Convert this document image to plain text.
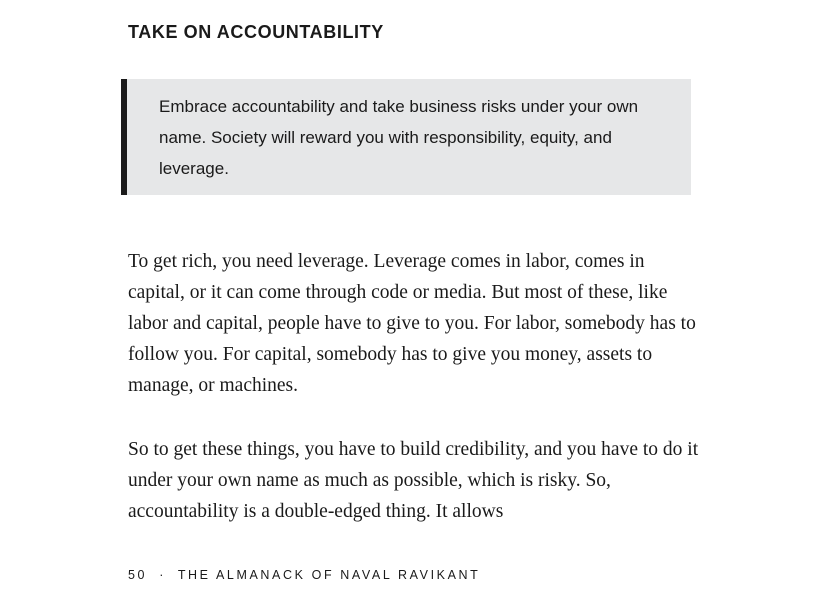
TAKE ON ACCOUNTABILITY

Embrace accountability and take business risks under your own name. Society will reward you with responsibility, equity, and leverage.

To get rich, you need leverage. Leverage comes in labor, comes in capital, or it can come through code or media. But most of these, like labor and capital, people have to give to you. For labor, somebody has to follow you. For capital, somebody has to give you money, assets to manage, or machines.

So to get these things, you have to build credibility, and you have to do it under your own name as much as possible, which is risky. So, accountability is a double-edged thing. It allows

50 · THE ALMANACK OF NAVAL RAVIKANT
